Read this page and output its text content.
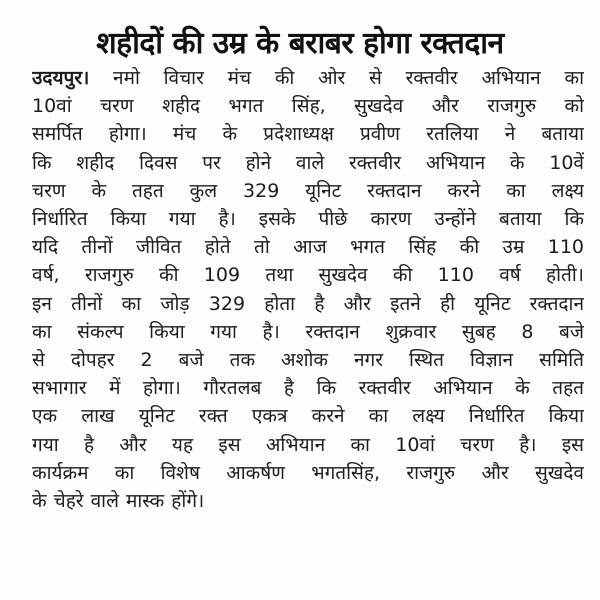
शहीदों की उम्र के बराबर होगा रक्तदान

उदयपुर। नमो विचार मंच की ओर से रक्तवीर अभियान का
10वां चरण शहीद भगत सिंह, सुखदेव और राजगुरु को
समर्पित होगा। मंच के प्रदेशाध्यक्ष प्रवीण रतलिया ने बताया
कि शहीद दिवस पर होने वाले रक्तवीर अभियान के 10वें
चरण के तहत कुल 329 यूनिट रक्तदान करने का लक्ष्य
निर्धारित किया गया है। इसके पीछे कारण उन्होंने बताया कि
यदि तीनों जीवित होते तो आज भगत सिंह की उम्र 110
वर्ष, राजगुरु की 109 तथा सुखदेव की 110 वर्ष होती।
इन तीनों का जोड़ 329 होता है और इतने ही यूनिट रक्तदान
का संकल्प किया गया है। रक्तदान शुक्रवार सुबह 8 बजे
से दोपहर 2 बजे तक अशोक नगर स्थित विज्ञान समिति
सभागार में होगा। गौरतलब है कि रक्तवीर अभियान के तहत
एक लाख यूनिट रक्त एकत्र करने का लक्ष्य निर्धारित किया
गया है और यह इस अभियान का 10वां चरण है। इस
कार्यक्रम का विशेष आकर्षण भगतसिंह, राजगुरु और सुखदेव
के चेहरे वाले मास्क होंगे।
